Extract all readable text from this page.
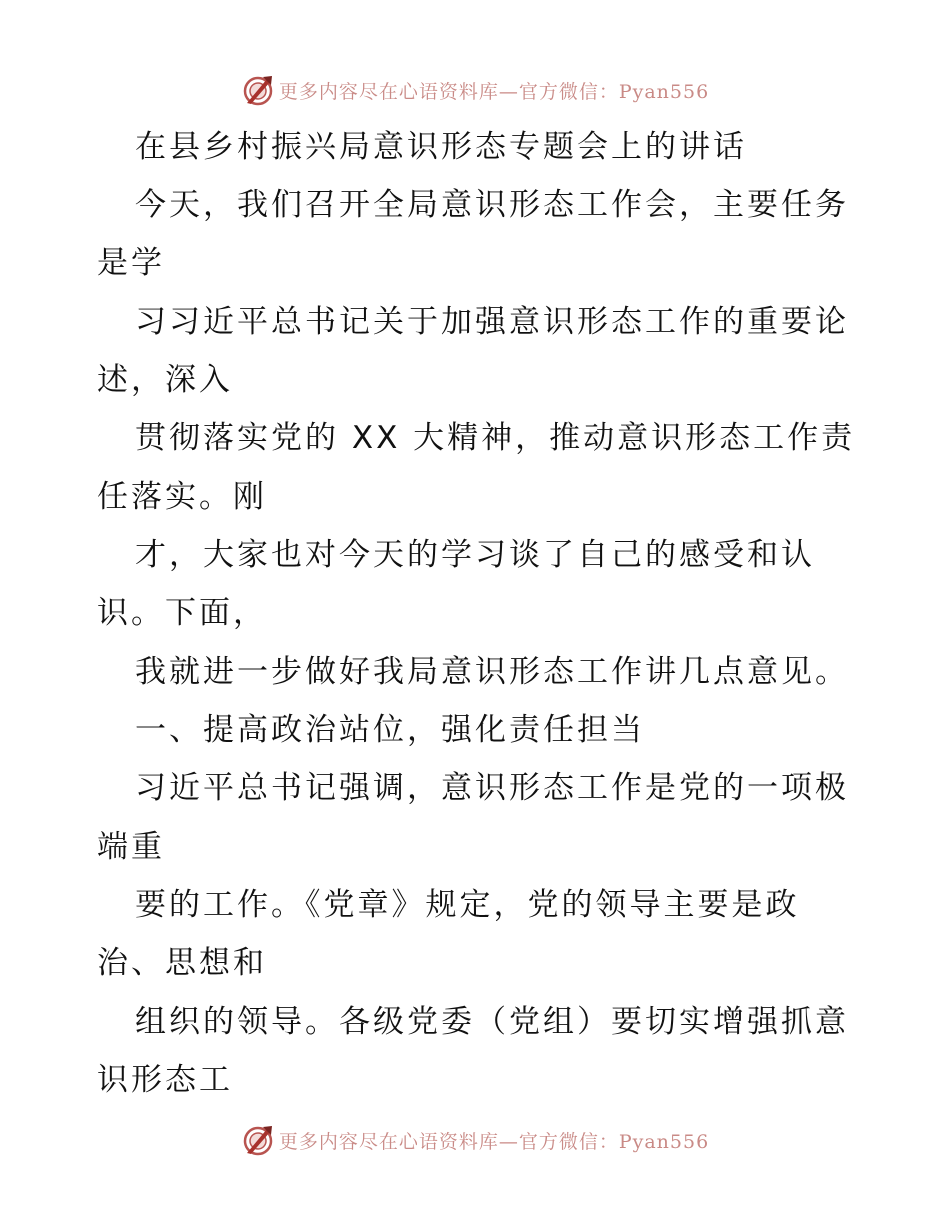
更多内容尽在心语资料库—官方微信：Pyan556
在县乡村振兴局意识形态专题会上的讲话
今天，我们召开全局意识形态工作会，主要任务
是学
习习近平总书记关于加强意识形态工作的重要论
述，深入
贯彻落实党的 XX 大精神，推动意识形态工作责
任落实。刚
才，大家也对今天的学习谈了自己的感受和认
识。下面，
我就进一步做好我局意识形态工作讲几点意见。
一、提高政治站位，强化责任担当
习近平总书记强调，意识形态工作是党的一项极
端重
要的工作。《党章》规定，党的领导主要是政
治、思想和
组织的领导。各级党委（党组）要切实增强抓意
识形态工
更多内容尽在心语资料库—官方微信：Pyan556
